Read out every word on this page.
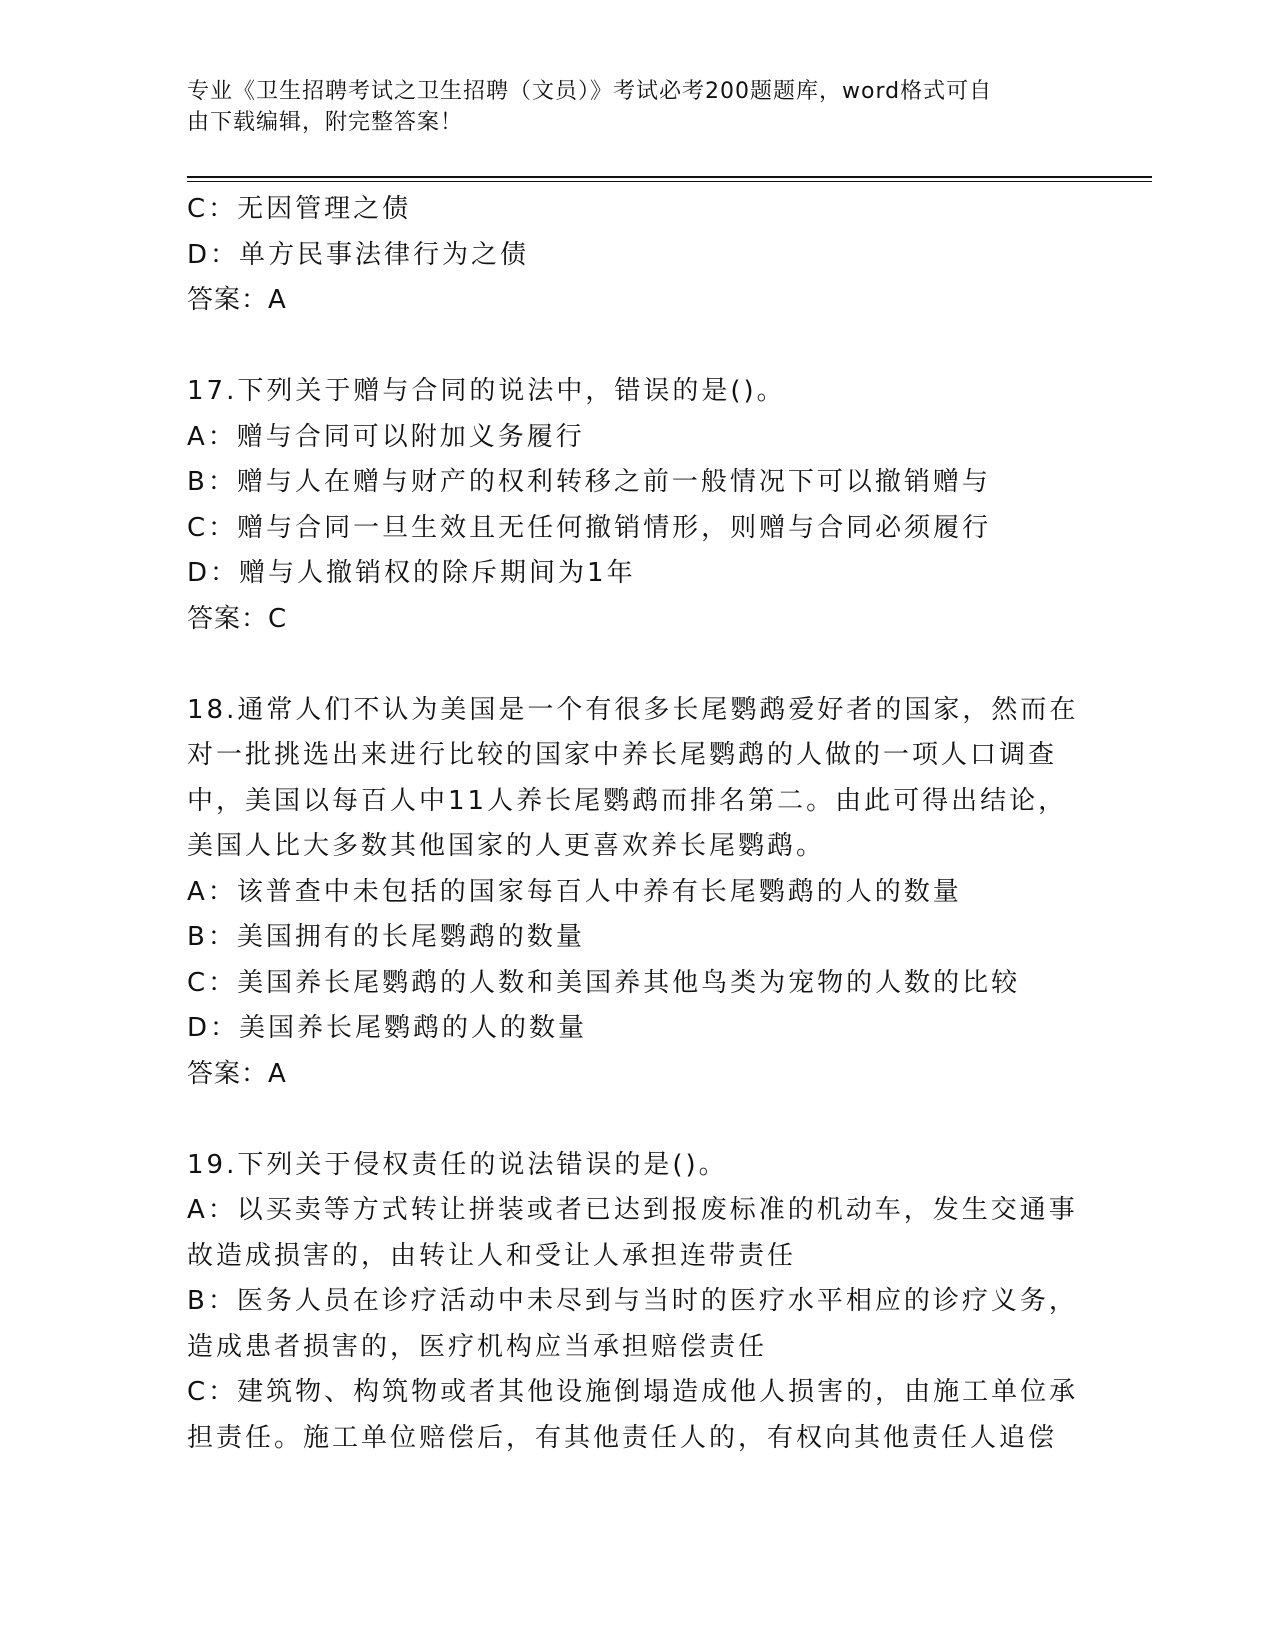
专业《卫生招聘考试之卫生招聘（文员）》考试必考200题题库，word格式可自
由下载编辑，附完整答案！
C：无因管理之债
D：单方民事法律行为之债
答案：A
17.下列关于赠与合同的说法中，错误的是()。
A：赠与合同可以附加义务履行
B：赠与人在赠与财产的权利转移之前一般情况下可以撤销赠与
C：赠与合同一旦生效且无任何撤销情形，则赠与合同必须履行
D：赠与人撤销权的除斥期间为1年
答案：C
18.通常人们不认为美国是一个有很多长尾鹦鹉爱好者的国家，然而在
对一批挑选出来进行比较的国家中养长尾鹦鹉的人做的一项人口调查
中，美国以每百人中11人养长尾鹦鹉而排名第二。由此可得出结论，
美国人比大多数其他国家的人更喜欢养长尾鹦鹉。
A：该普查中未包括的国家每百人中养有长尾鹦鹉的人的数量
B：美国拥有的长尾鹦鹉的数量
C：美国养长尾鹦鹉的人数和美国养其他鸟类为宠物的人数的比较
D：美国养长尾鹦鹉的人的数量
答案：A
19.下列关于侵权责任的说法错误的是()。
A：以买卖等方式转让拼装或者已达到报废标准的机动车，发生交通事
故造成损害的，由转让人和受让人承担连带责任
B：医务人员在诊疗活动中未尽到与当时的医疗水平相应的诊疗义务，
造成患者损害的，医疗机构应当承担赔偿责任
C：建筑物、构筑物或者其他设施倒塌造成他人损害的，由施工单位承
担责任。施工单位赔偿后，有其他责任人的，有权向其他责任人追偿
